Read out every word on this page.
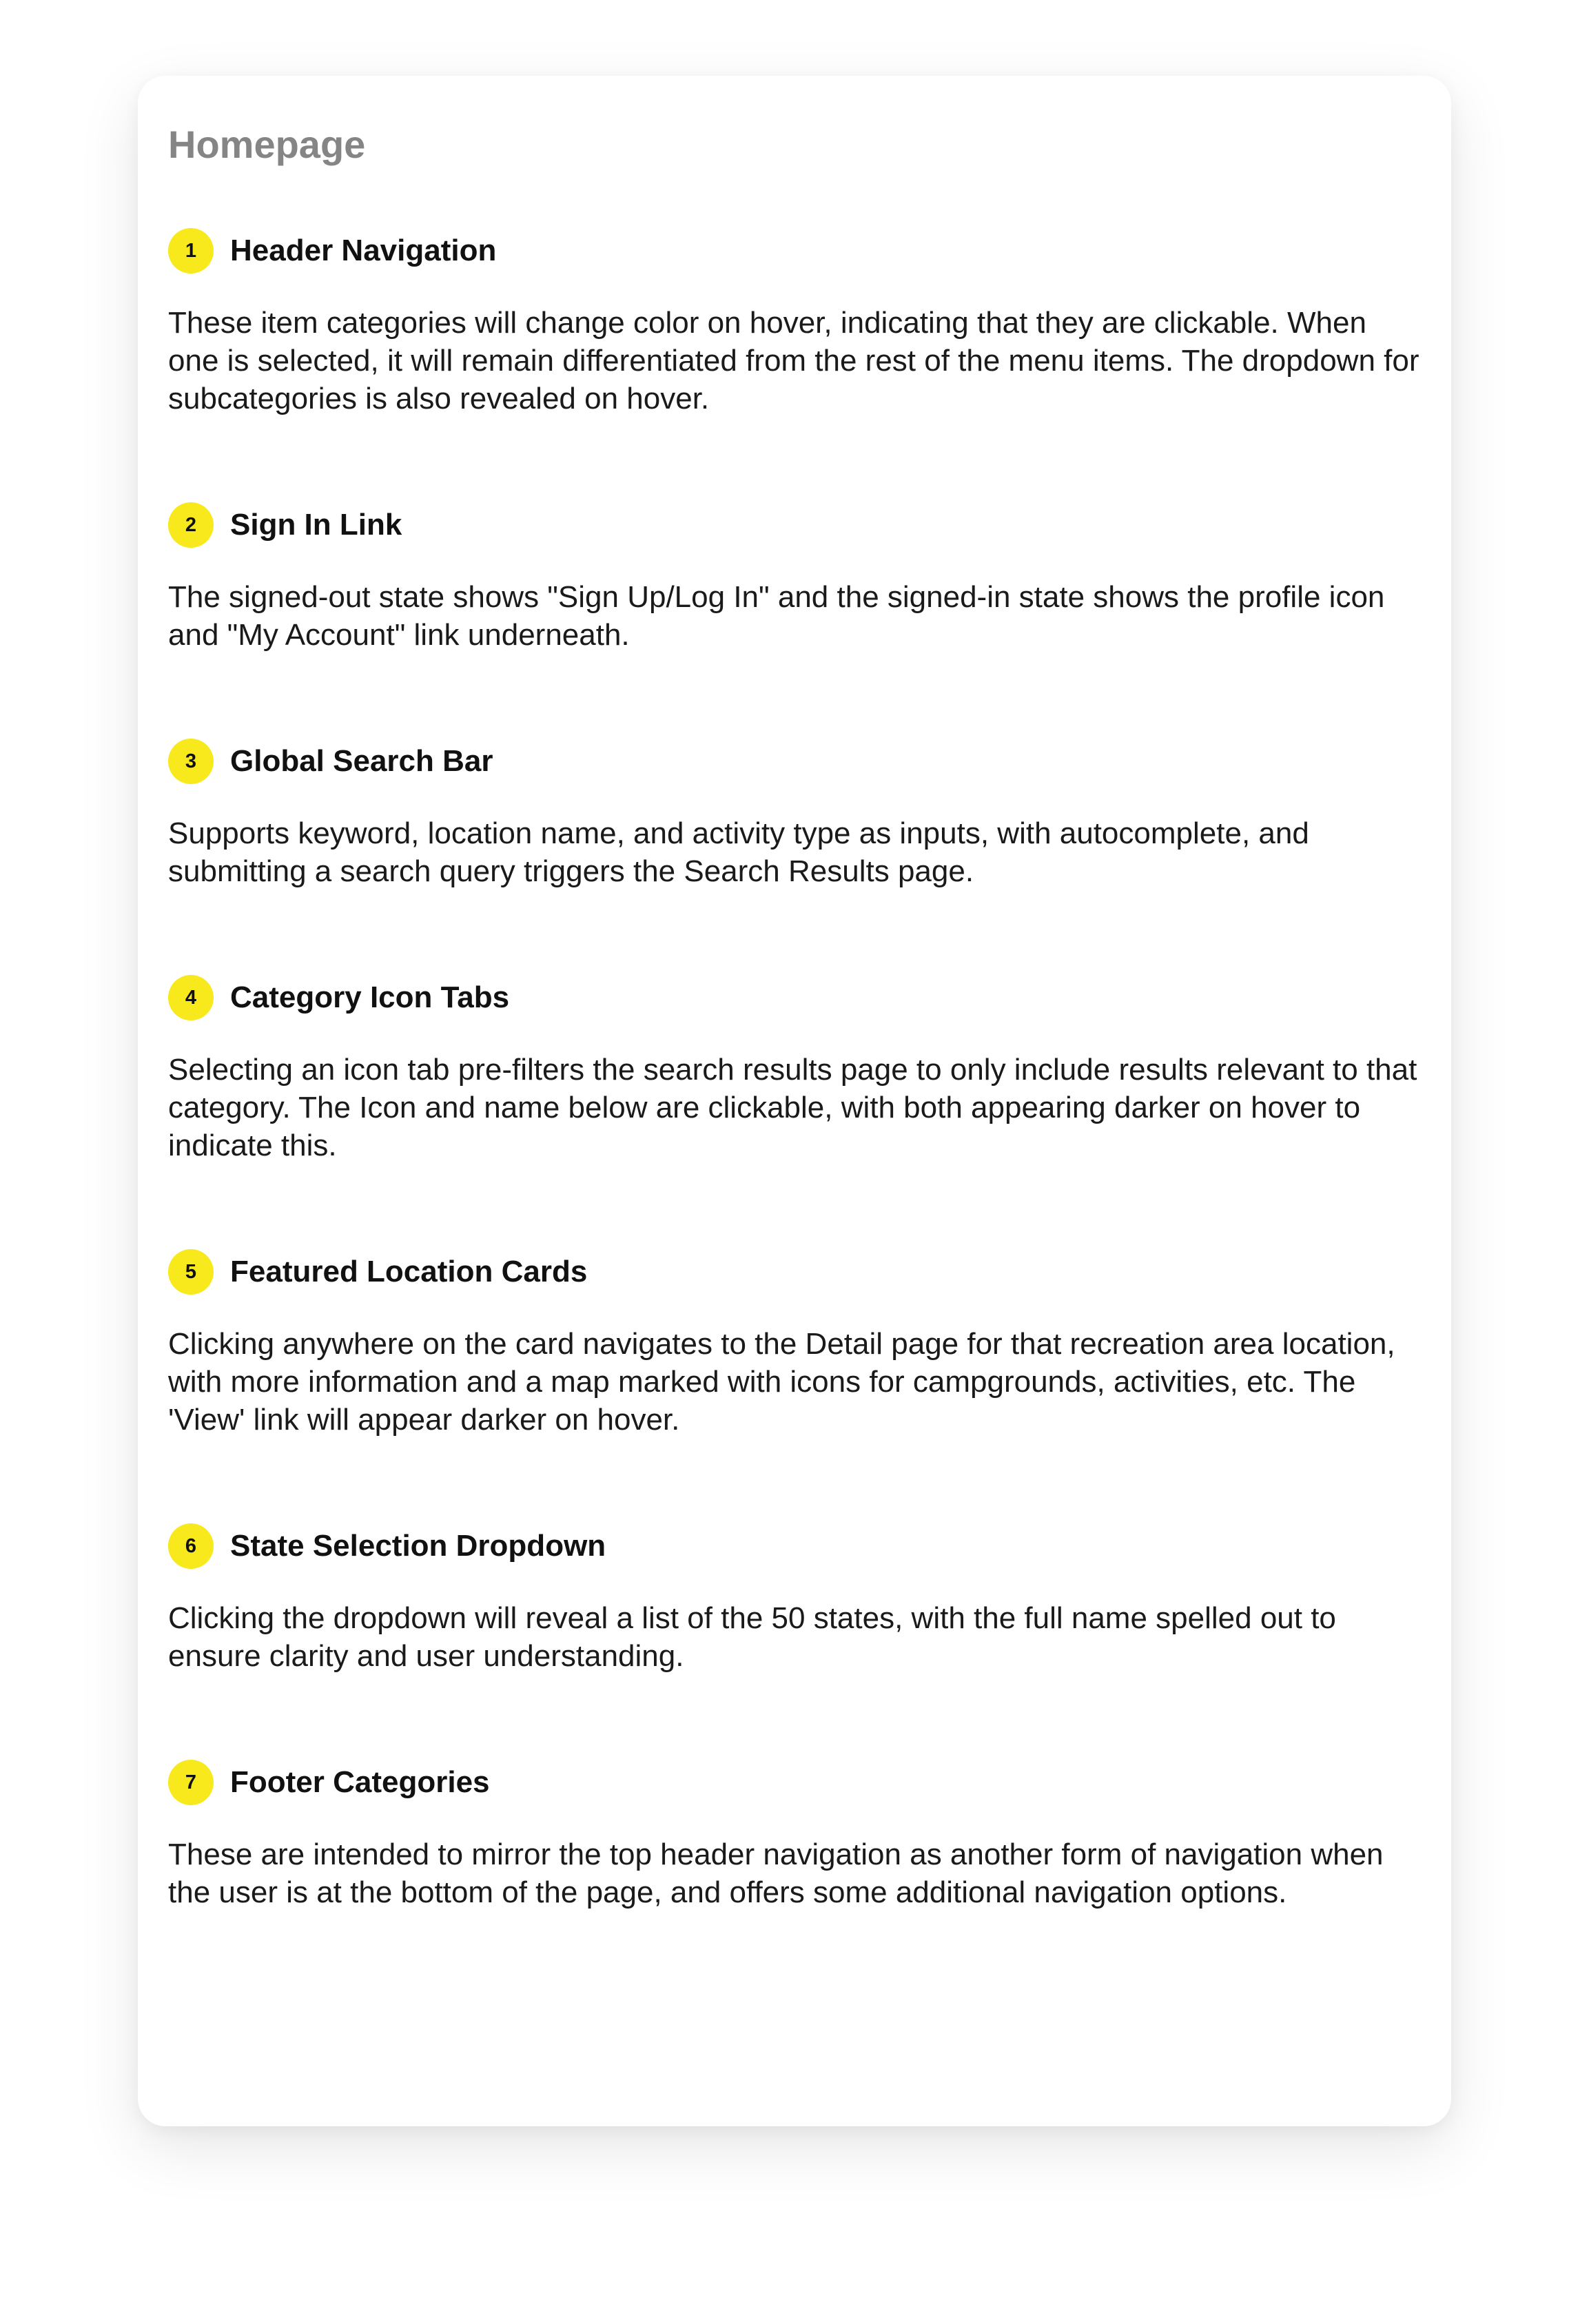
Homepage
1	Header Navigation

These item categories will change color on hover, indicating that they are clickable. When one is selected, it will remain differentiated from the rest of the menu items. The dropdown for subcategories is also revealed on hover.

2	Sign In Link

The signed-out state shows "Sign Up/Log In" and the signed-in state shows the profile icon and "My Account" link underneath.

3	Global Search Bar

Supports keyword, location name, and activity type as inputs, with autocomplete, and submitting a search query triggers the Search Results page.

4	Category Icon Tabs

Selecting an icon tab pre-filters the search results page to only include results relevant to that category. The Icon and name below are clickable, with both appearing darker on hover to indicate this.

5	Featured Location Cards

Clicking anywhere on the card navigates to the Detail page for that recreation area location, with more information and a map marked with icons for campgrounds, activities, etc. The 'View' link will appear darker on hover.

6	State Selection Dropdown

Clicking the dropdown will reveal a list of the 50 states, with the full name spelled out to ensure clarity and user understanding.

7	Footer Categories

These are intended to mirror the top header navigation as another form of navigation when the user is at the bottom of the page, and offers some additional navigation options.
